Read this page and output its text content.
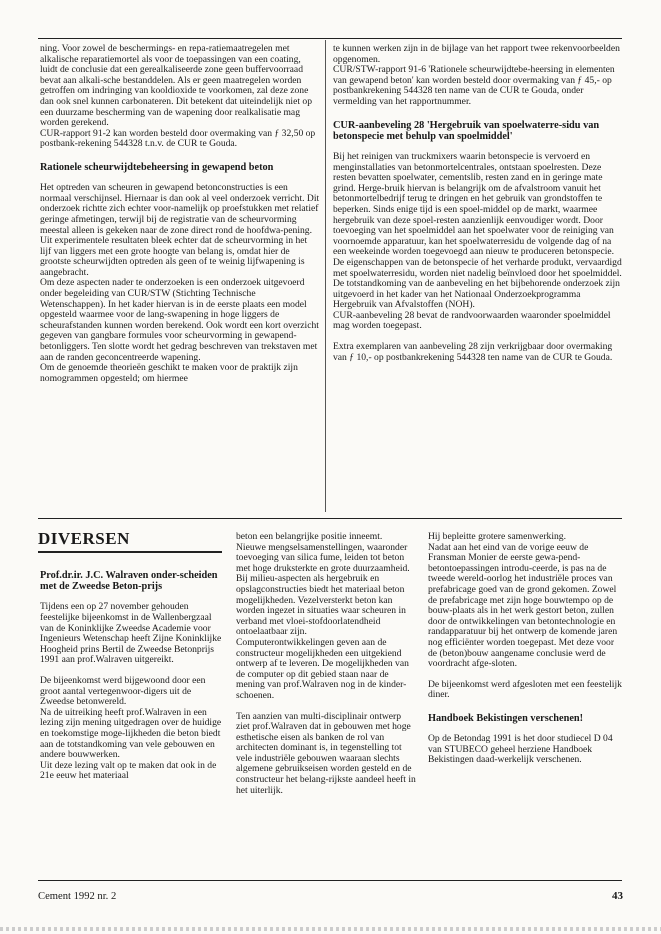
ning. Voor zowel de beschermings- en repa-ratiemaatregelen met alkalische reparatiemortel als voor de toepassingen van een coating, luidt de conclusie dat een gerealkaliseerde zone geen buffervoorraad bevat aan alkali-sche bestanddelen. Als er geen maatregelen worden getroffen om indringing van kooldioxide te voorkomen, zal deze zone dan ook snel kunnen carbonateren. Dit betekent dat uiteindelijk niet op een duurzame bescherming van de wapening door realkalisatie mag worden gerekend.

CUR-rapport 91-2 kan worden besteld door overmaking van ƒ 32,50 op postbank-rekening 544328 t.n.v. de CUR te Gouda.

Rationele scheurwijdtebeheersing in gewapend beton

Het optreden van scheuren in gewapend betonconstructies is een normaal verschijnsel. Hiernaar is dan ook al veel onderzoek verricht. Dit onderzoek richtte zich echter voor-namelijk op proefstukken met relatief geringe afmetingen, terwijl bij de registratie van de scheurvorming meestal alleen is gekeken naar de zone direct rond de hoofdwa-pening. Uit experimentele resultaten bleek echter dat de scheurvorming in het lijf van liggers met een grote hoogte van belang is, omdat hier de grootste scheurwijdten optreden als geen of te weinig lijfwapening is aangebracht.

Om deze aspecten nader te onderzoeken is een onderzoek uitgevoerd onder begeleiding van CUR/STW (Stichting Technische Wetenschappen). In het kader hiervan is in de eerste plaats een model opgesteld waarmee voor de lang-swapening in hoge liggers de scheurafstanden kunnen worden berekend. Ook wordt een kort overzicht gegeven van gangbare formules voor scheurvorming in gewapend-betonliggers. Ten slotte wordt het gedrag beschreven van trekstaven met aan de randen geconcentreerde wapening.

Om de genoemde theorieën geschikt te maken voor de praktijk zijn nomogrammen opgesteld; om hiermee

te kunnen werken zijn in de bijlage van het rapport twee rekenvoorbeelden opgenomen.

CUR/STW-rapport 91-6 'Rationele scheurwijdtebe-heersing in elementen van gewapend beton' kan worden besteld door overmaking van ƒ 45,- op postbankrekening 544328 ten name van de CUR te Gouda, onder vermelding van het rapportnummer.

CUR-aanbeveling 28 'Hergebruik van spoelwaterre-sidu van betonspecie met behulp van spoelmiddel'

Bij het reinigen van truckmixers waarin betonspecie is vervoerd en menginstallaties van betonmortelcentrales, ontstaan spoelresten. Deze resten bevatten spoelwater, cementslib, resten zand en in geringe mate grind. Herge-bruik hiervan is belangrijk om de afvalstroom vanuit het betonmortelbedrijf terug te dringen en het gebruik van grondstoffen te beperken. Sinds enige tijd is een spoel-middel op de markt, waarmee hergebruik van deze spoel-resten aanzienlijk eenvoudiger wordt. Door toevoeging van het spoelmiddel aan het spoelwater voor de reiniging van voornoemde apparatuur, kan het spoelwaterresidu de volgende dag of na een weekeinde worden toegevoegd aan nieuw te produceren betonspecie. De eigenschappen van de betonspecie of het verharde produkt, vervaardigd met spoelwaterresidu, worden niet nadelig beïnvloed door het spoelmiddel.

De totstandkoming van de aanbeveling en het bijbehorende onderzoek zijn uitgevoerd in het kader van het Nationaal Onderzoekprogramma Hergebruik van Afvalstoffen (NOH).

CUR-aanbeveling 28 bevat de randvoorwaarden waaronder spoelmiddel mag worden toegepast.

Extra exemplaren van aanbeveling 28 zijn verkrijgbaar door overmaking van ƒ 10,- op postbankrekening 544328 ten name van de CUR te Gouda.

DIVERSEN
Prof.dr.ir. J.C. Walraven onder-scheiden met de Zweedse Beton-prijs

Tijdens een op 27 november gehouden feestelijke bijeenkomst in de Wallenbergzaal van de Koninklijke Zweedse Academie voor Ingenieurs Wetenschap heeft Zijne Koninklijke Hoogheid prins Bertil de Zweedse Betonprijs 1991 aan prof.Walraven uitgereikt.

De bijeenkomst werd bijgewoond door een groot aantal vertegenwoor-digers uit de Zweedse betonwereld.

Na de uitreiking heeft prof.Walraven in een lezing zijn mening uitgedragen over de huidige en toekomstige moge-lijkheden die beton biedt aan de totstandkoming van vele gebouwen en andere bouwwerken.

Uit deze lezing valt op te maken dat ook in de 21e eeuw het materiaal

beton een belangrijke positie inneemt.

Nieuwe mengselsamenstellingen, waaronder toevoeging van silica fume, leiden tot beton met hoge druksterkte en grote duurzaamheid.

Bij milieu-aspecten als hergebruik en opslagconstructies biedt het materiaal beton mogelijkheden. Vezelversterkt beton kan worden ingezet in situaties waar scheuren in verband met vloei-stofdoorlatendheid ontoelaatbaar zijn.

Computerontwikkelingen geven aan de constructeur mogelijkheden een uitgekiend ontwerp af te leveren. De mogelijkheden van de computer op dit gebied staan naar de mening van prof.Walraven nog in de kinder-schoenen.

Ten aanzien van multi-disciplinair ontwerp ziet prof.Walraven dat in gebouwen met hoge esthetische eisen als banken de rol van architecten dominant is, in tegenstelling tot vele industriële gebouwen waaraan slechts algemene gebruikseisen worden gesteld en de constructeur het belang-rijkste aandeel heeft in het uiterlijk.

Hij bepleitte grotere samenwerking.

Nadat aan het eind van de vorige eeuw de Fransman Monier de eerste gewa-pend-betontoepassingen introdu-ceerde, is pas na de tweede wereld-oorlog het industriële proces van prefabricage goed van de grond gekomen. Zowel de prefabricage met zijn hoge bouwtempo op de bouw-plaats als in het werk gestort beton, zullen door de ontwikkelingen van betontechnologie en randapparatuur bij het ontwerp de komende jaren nog efficiënter worden toegepast. Met deze voor de (beton)bouw aangename conclusie werd de voordracht afge-sloten.

De bijeenkomst werd afgesloten met een feestelijk diner.

Handboek Bekistingen verschenen!

Op de Betondag 1991 is het door studiecel D 04 van STUBECO geheel herziene Handboek Bekistingen daad-werkelijk verschenen.

Cement 1992 nr. 2	43
